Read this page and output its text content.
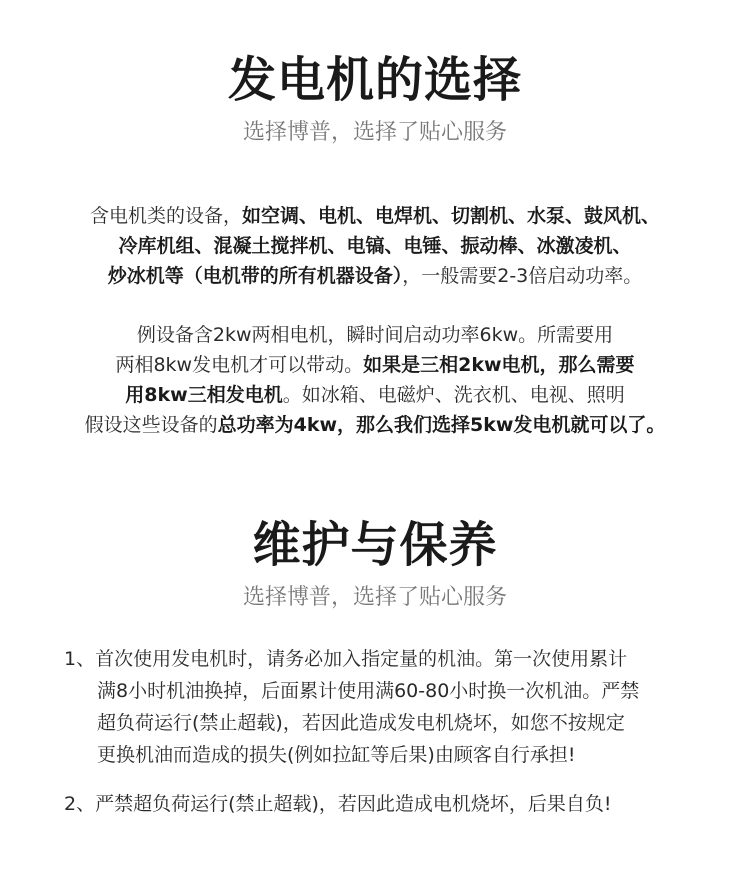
发电机的选择

选择博普，选择了贴心服务

含电机类的设备，如空调、电机、电焊机、切割机、水泵、鼓风机、
冷库机组、混凝土搅拌机、电镐、电锤、振动棒、冰激凌机、
炒冰机等（电机带的所有机器设备），一般需要2-3倍启动功率。
例设备含2kw两相电机，瞬时间启动功率6kw。所需要用
两相8kw发电机才可以带动。如果是三相2kw电机，那么需要
用8kw三相发电机。如冰箱、电磁炉、洗衣机、电视、照明
假设这些设备的总功率为4kw，那么我们选择5kw发电机就可以了。
维护与保养

选择博普，选择了贴心服务

1、首次使用发电机时，请务必加入指定量的机油。第一次使用累计
满8小时机油换掉，后面累计使用满60-80小时换一次机油。严禁
超负荷运行(禁止超载)，若因此造成发电机烧坏，如您不按规定
更换机油而造成的损失(例如拉缸等后果)由顾客自行承担!
2、严禁超负荷运行(禁止超载)，若因此造成电机烧坏，后果自负!
